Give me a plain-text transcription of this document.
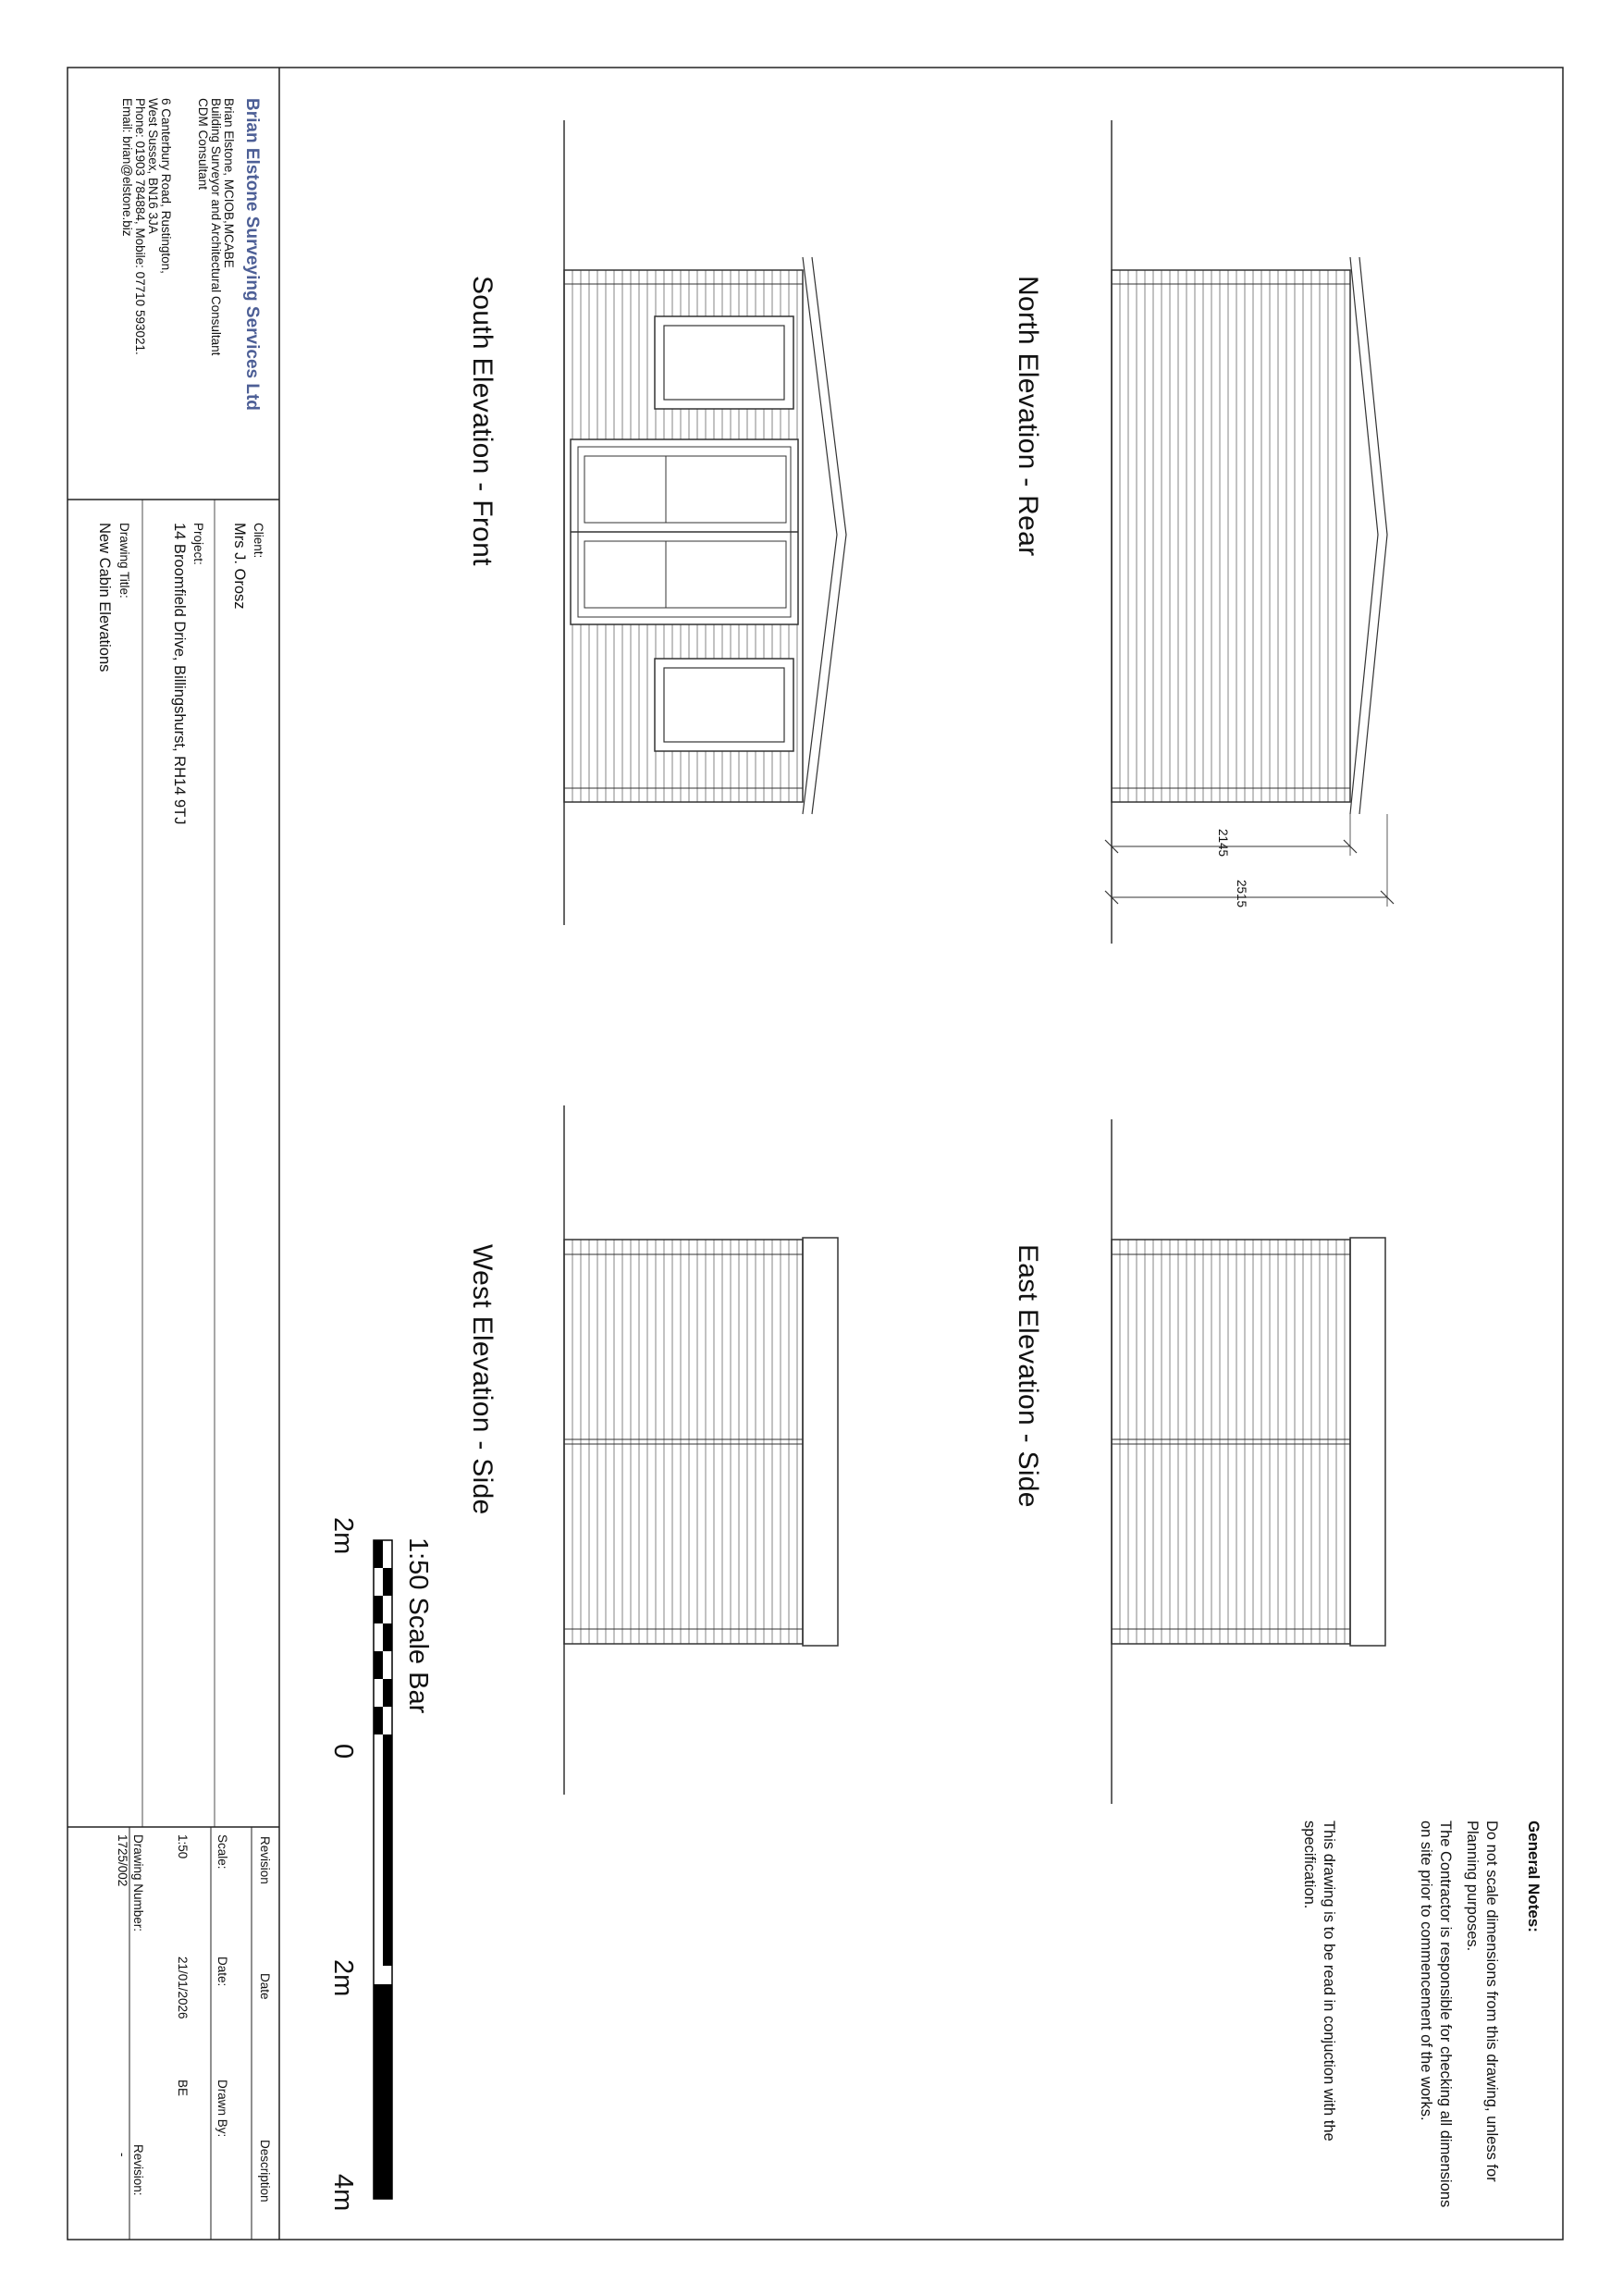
North Elevation - Rear
South Elevation - Front
East Elevation - Side
West Elevation - Side
2145
2515
General Notes:
Do not scale dimensions from this drawing, unless for Planning purposes.
The Contractor is responsible for checking all dimensions on site prior to commencement of the works.
This drawing is to be read in conjuction with the specification.
1:50 Scale Bar
2m
0
2m
4m
Brian Elstone Surveying Services Ltd
Brian Elstone, MCIOB,MCABE
Building Surveyor and Architectural Consultant
CDM Consultant
6 Canterbury Road, Rustington,
West Sussex, BN16 3JA
Phone: 01903 784884, Mobile: 07710 593021.
Email: brian@elstone.biz
Client:
Mrs J. Orosz
Project:
14 Broomfield Drive, Billingshurst, RH14 9TJ
Drawing Title:
New Cabin Elevations
Revision
Date
Description
Scale:
1:50
Date:
21/01/2026
Drawn By:
BE
Drawing Number:
1725/002
Revision:
-
